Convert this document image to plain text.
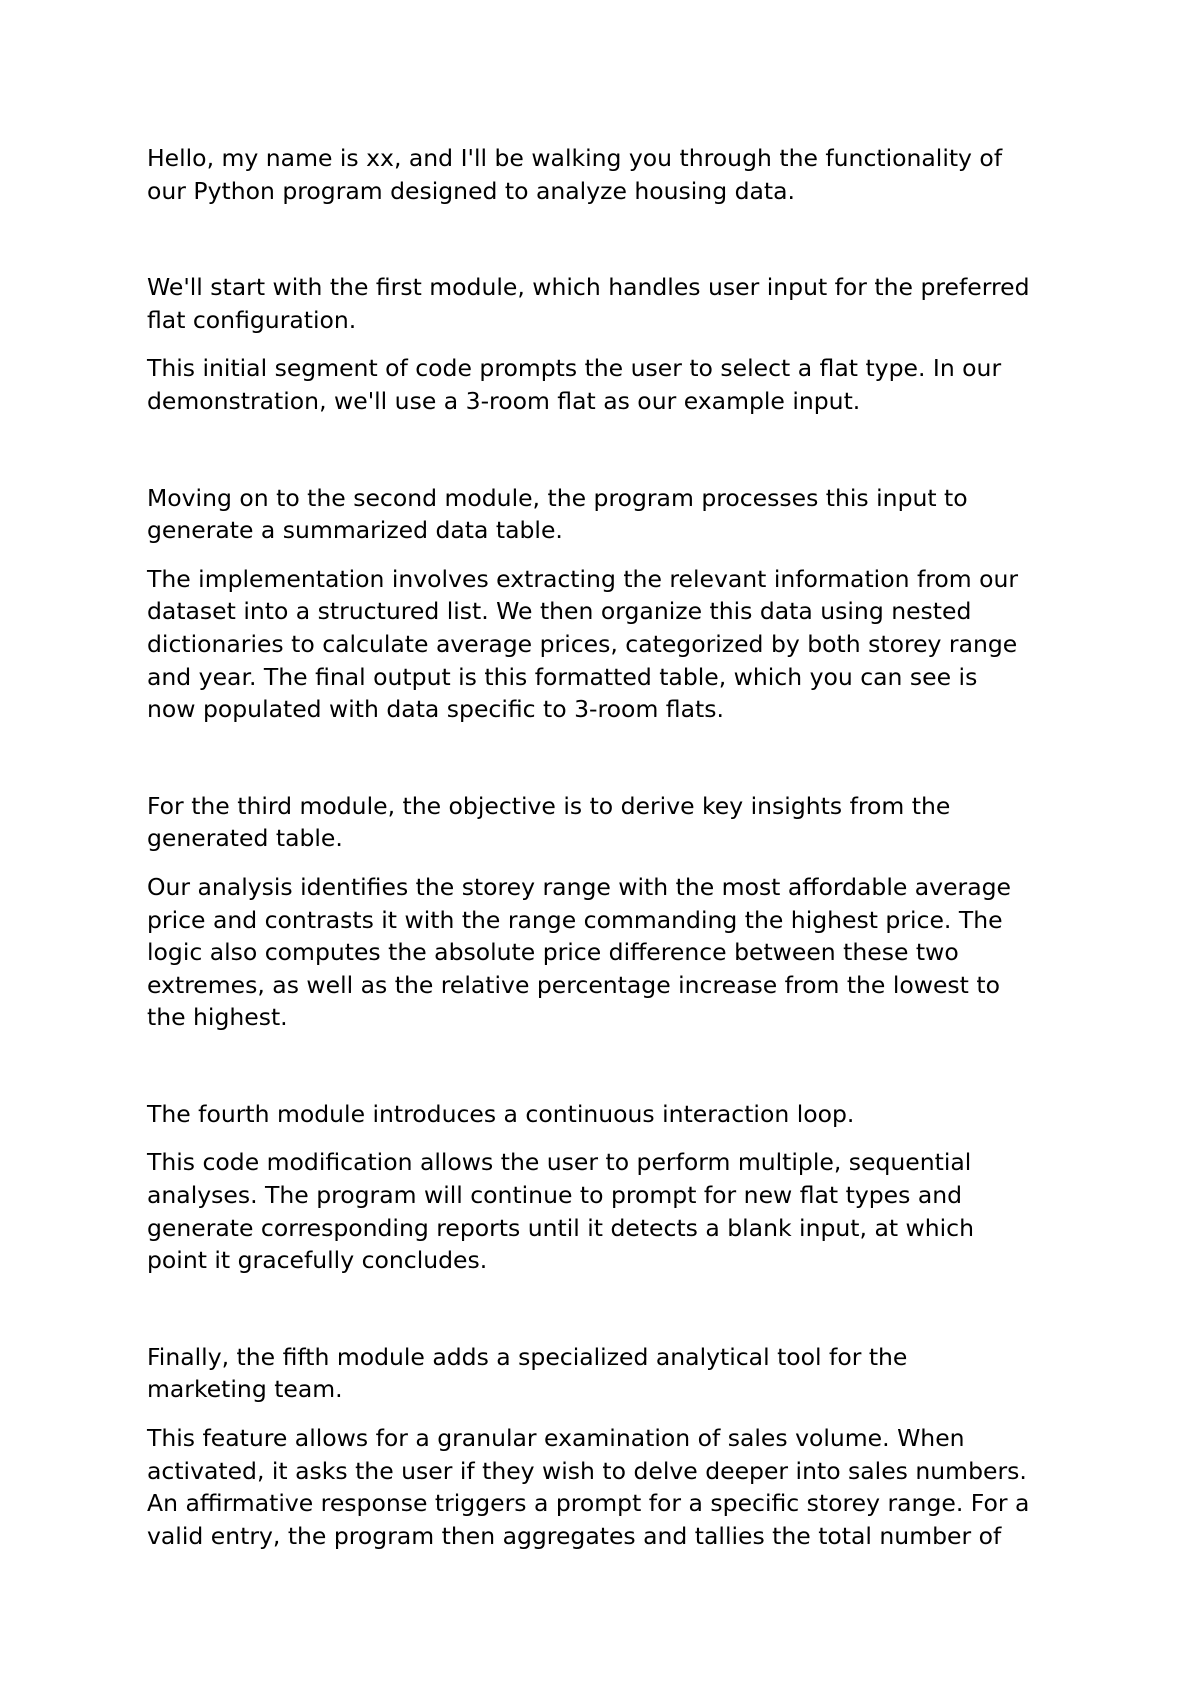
Hello, my name is xx, and I'll be walking you through the functionality of
our Python program designed to analyze housing data.

We'll start with the first module, which handles user input for the preferred
flat configuration.

This initial segment of code prompts the user to select a flat type. In our
demonstration, we'll use a 3-room flat as our example input.

Moving on to the second module, the program processes this input to
generate a summarized data table.

The implementation involves extracting the relevant information from our
dataset into a structured list. We then organize this data using nested
dictionaries to calculate average prices, categorized by both storey range
and year. The final output is this formatted table, which you can see is
now populated with data specific to 3-room flats.

For the third module, the objective is to derive key insights from the
generated table.

Our analysis identifies the storey range with the most affordable average
price and contrasts it with the range commanding the highest price. The
logic also computes the absolute price difference between these two
extremes, as well as the relative percentage increase from the lowest to
the highest.

The fourth module introduces a continuous interaction loop.

This code modification allows the user to perform multiple, sequential
analyses. The program will continue to prompt for new flat types and
generate corresponding reports until it detects a blank input, at which
point it gracefully concludes.

Finally, the fifth module adds a specialized analytical tool for the
marketing team.

This feature allows for a granular examination of sales volume. When
activated, it asks the user if they wish to delve deeper into sales numbers.
An affirmative response triggers a prompt for a specific storey range. For a
valid entry, the program then aggregates and tallies the total number of
